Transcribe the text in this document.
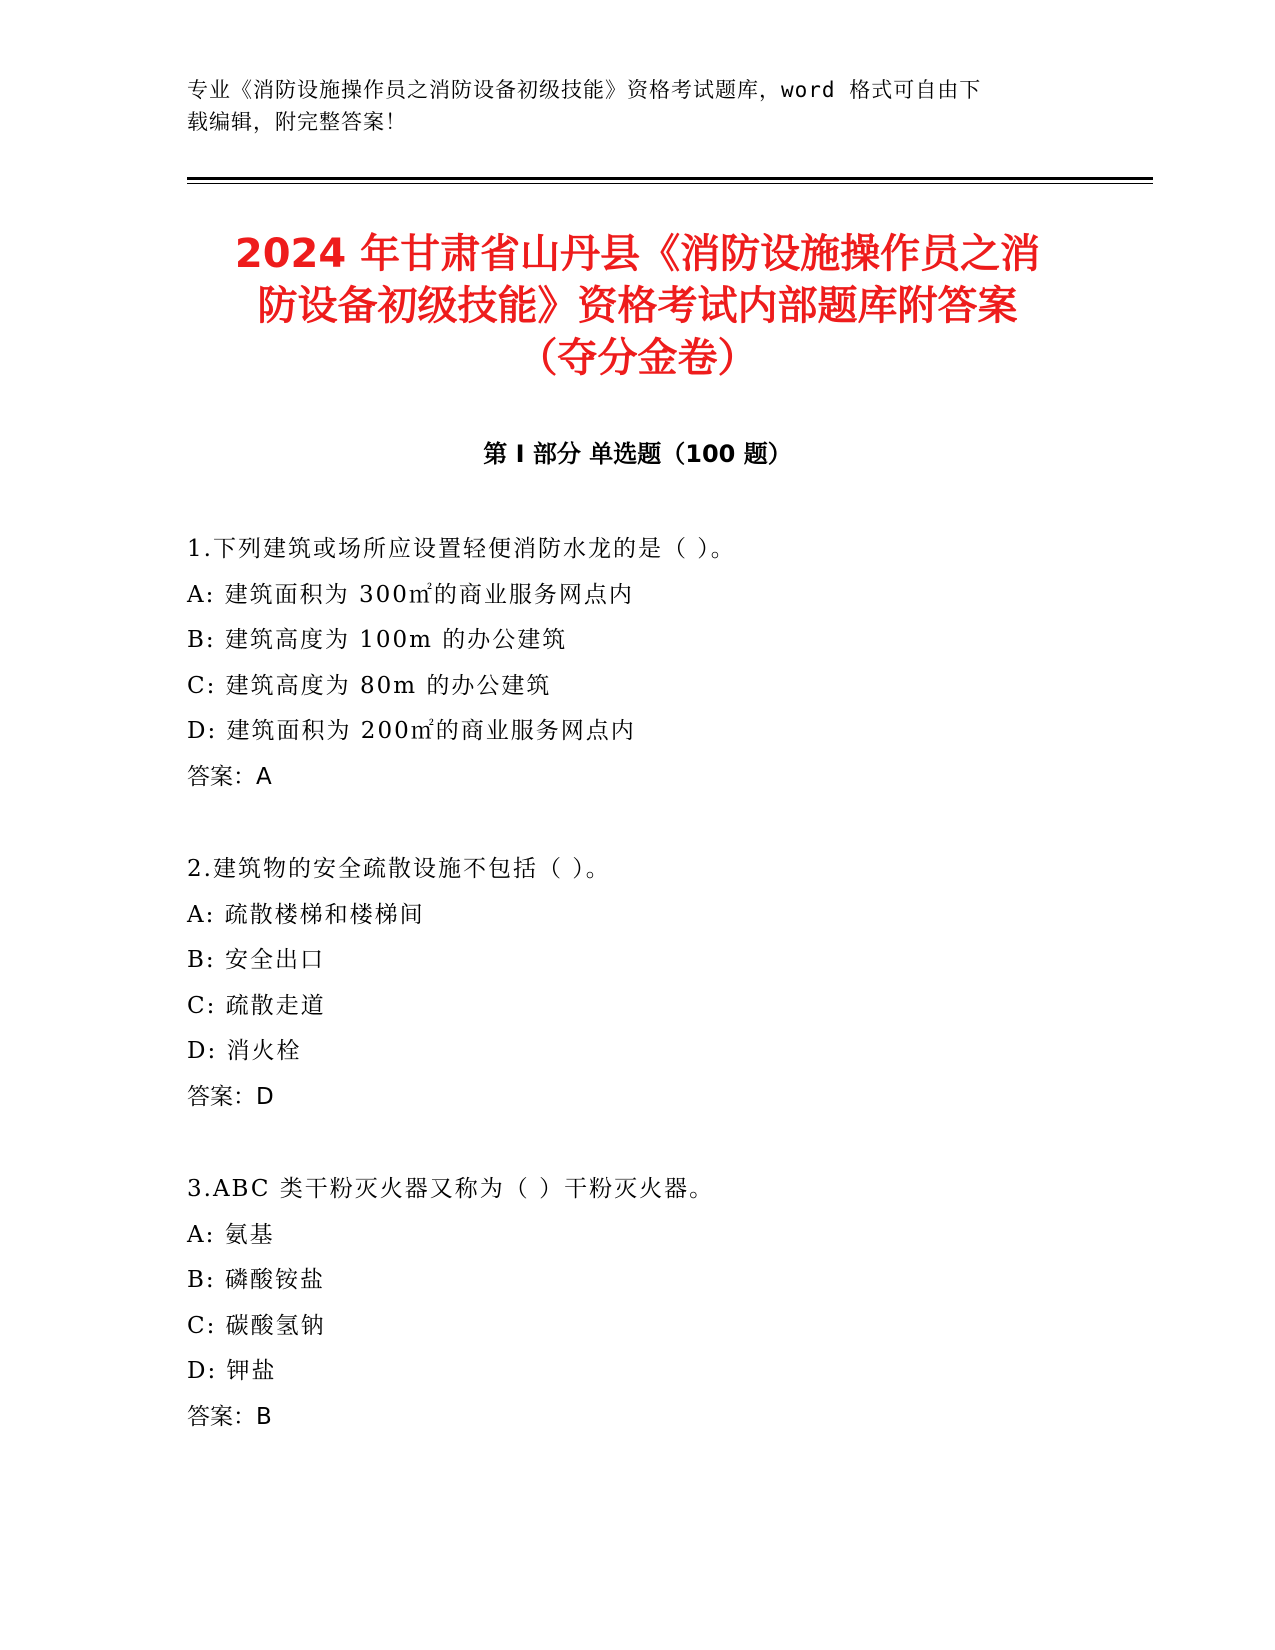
专业《消防设施操作员之消防设备初级技能》资格考试题库，word 格式可自由下
载编辑，附完整答案！
2024 年甘肃省山丹县《消防设施操作员之消
防设备初级技能》资格考试内部题库附答案
（夺分金卷）
第 I 部分 单选题（100 题）
1.下列建筑或场所应设置轻便消防水龙的是（ ）。
A: 建筑面积为 300㎡的商业服务网点内
B: 建筑高度为 100m 的办公建筑
C: 建筑高度为 80m 的办公建筑
D: 建筑面积为 200㎡的商业服务网点内
答案：A
2.建筑物的安全疏散设施不包括（ ）。
A: 疏散楼梯和楼梯间
B: 安全出口
C: 疏散走道
D: 消火栓
答案：D
3.ABC 类干粉灭火器又称为（ ）干粉灭火器。
A: 氨基
B: 磷酸铵盐
C: 碳酸氢钠
D: 钾盐
答案：B
